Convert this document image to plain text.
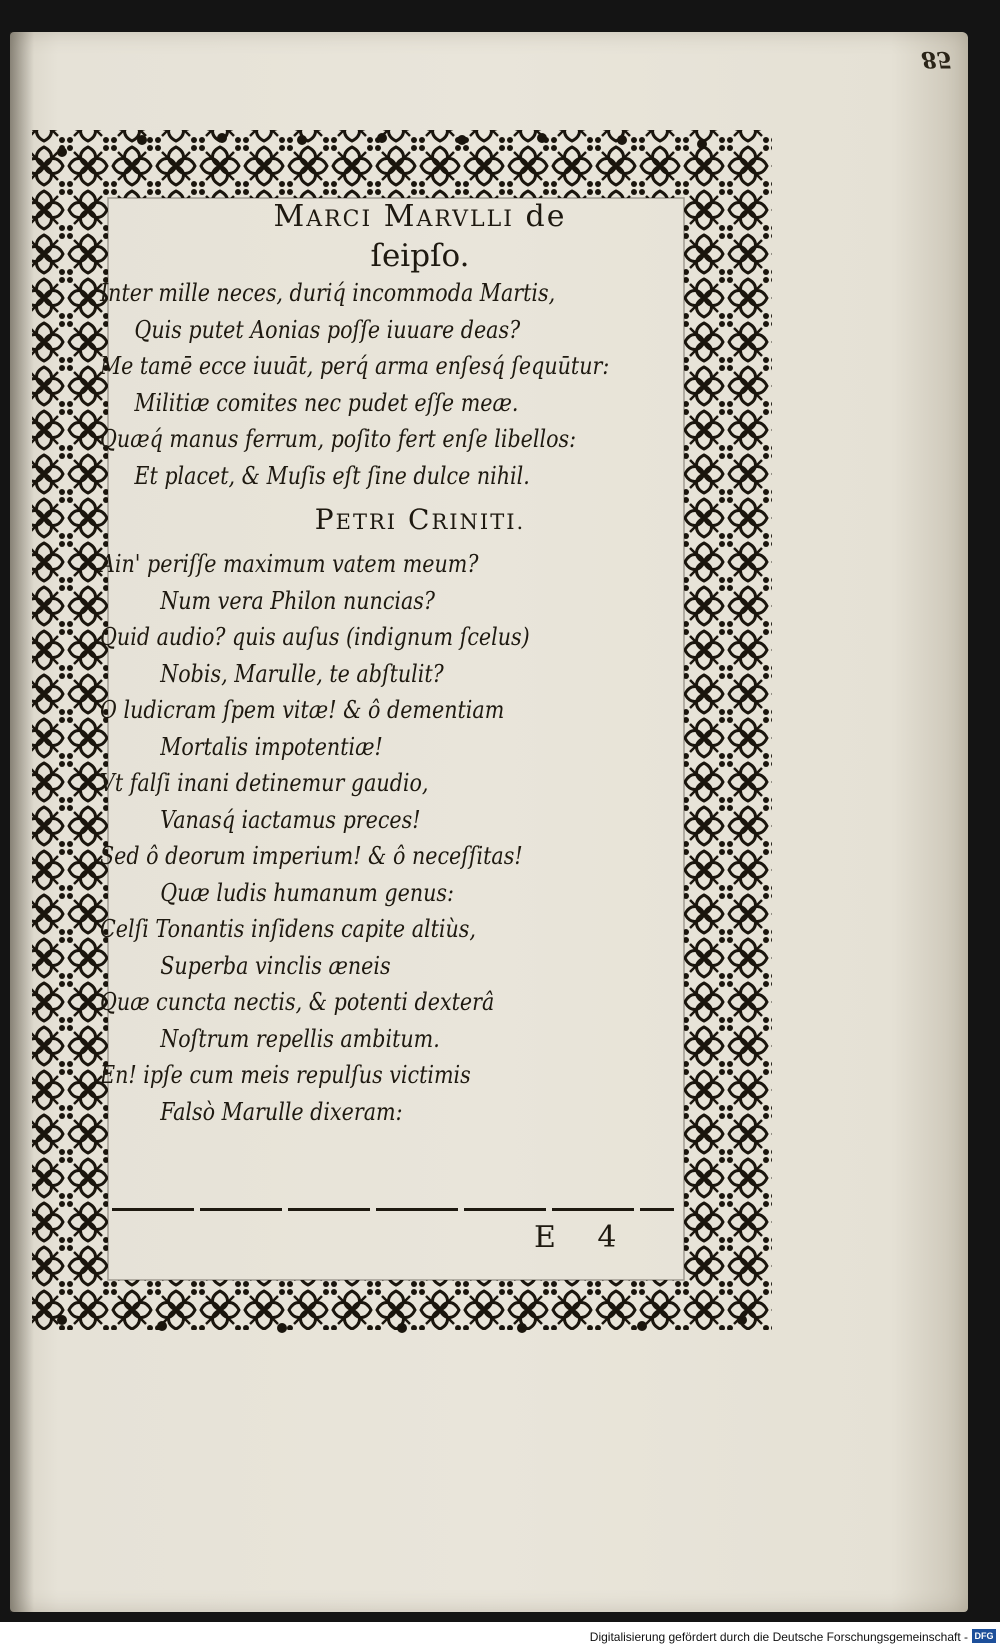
85
MARCI MARVLLI de
ſeipſo.
Inter mille neces, duriq́ incommoda Martis,
Quis putet Aonias poſſe iuuare deas?
Me tamē ecce iuuāt, perq́ arma enſesq́ ſequūtur:
Militiæ comites nec pudet eſſe meæ.
Quæq́ manus ferrum, poſito fert enſe libellos:
Et placet, & Muſis eſt ſine dulce nihil.
PETRI CRINITI.
Ain' periſſe maximum vatem meum?
Num vera Philon nuncias?
Quid audio? quis auſus (indignum ſcelus)
Nobis, Marulle, te abſtulit?
O ludicram ſpem vitæ! & ô dementiam
Mortalis impotentiæ!
Vt falſi inani detinemur gaudio,
Vanasq́ iactamus preces!
Sed ô deorum imperium! & ô neceſſitas!
Quæ ludis humanum genus:
Celſi Tonantis inſidens capite altiùs,
Superba vinclis æneis
Quæ cuncta nectis, & potenti dexterâ
Noſtrum repellis ambitum.
En! ipſe cum meis repulſus victimis
Falsò Marulle dixeram:
E 4
Digitalisierung gefördert durch die Deutsche Forschungsgemeinschaft - DFG
